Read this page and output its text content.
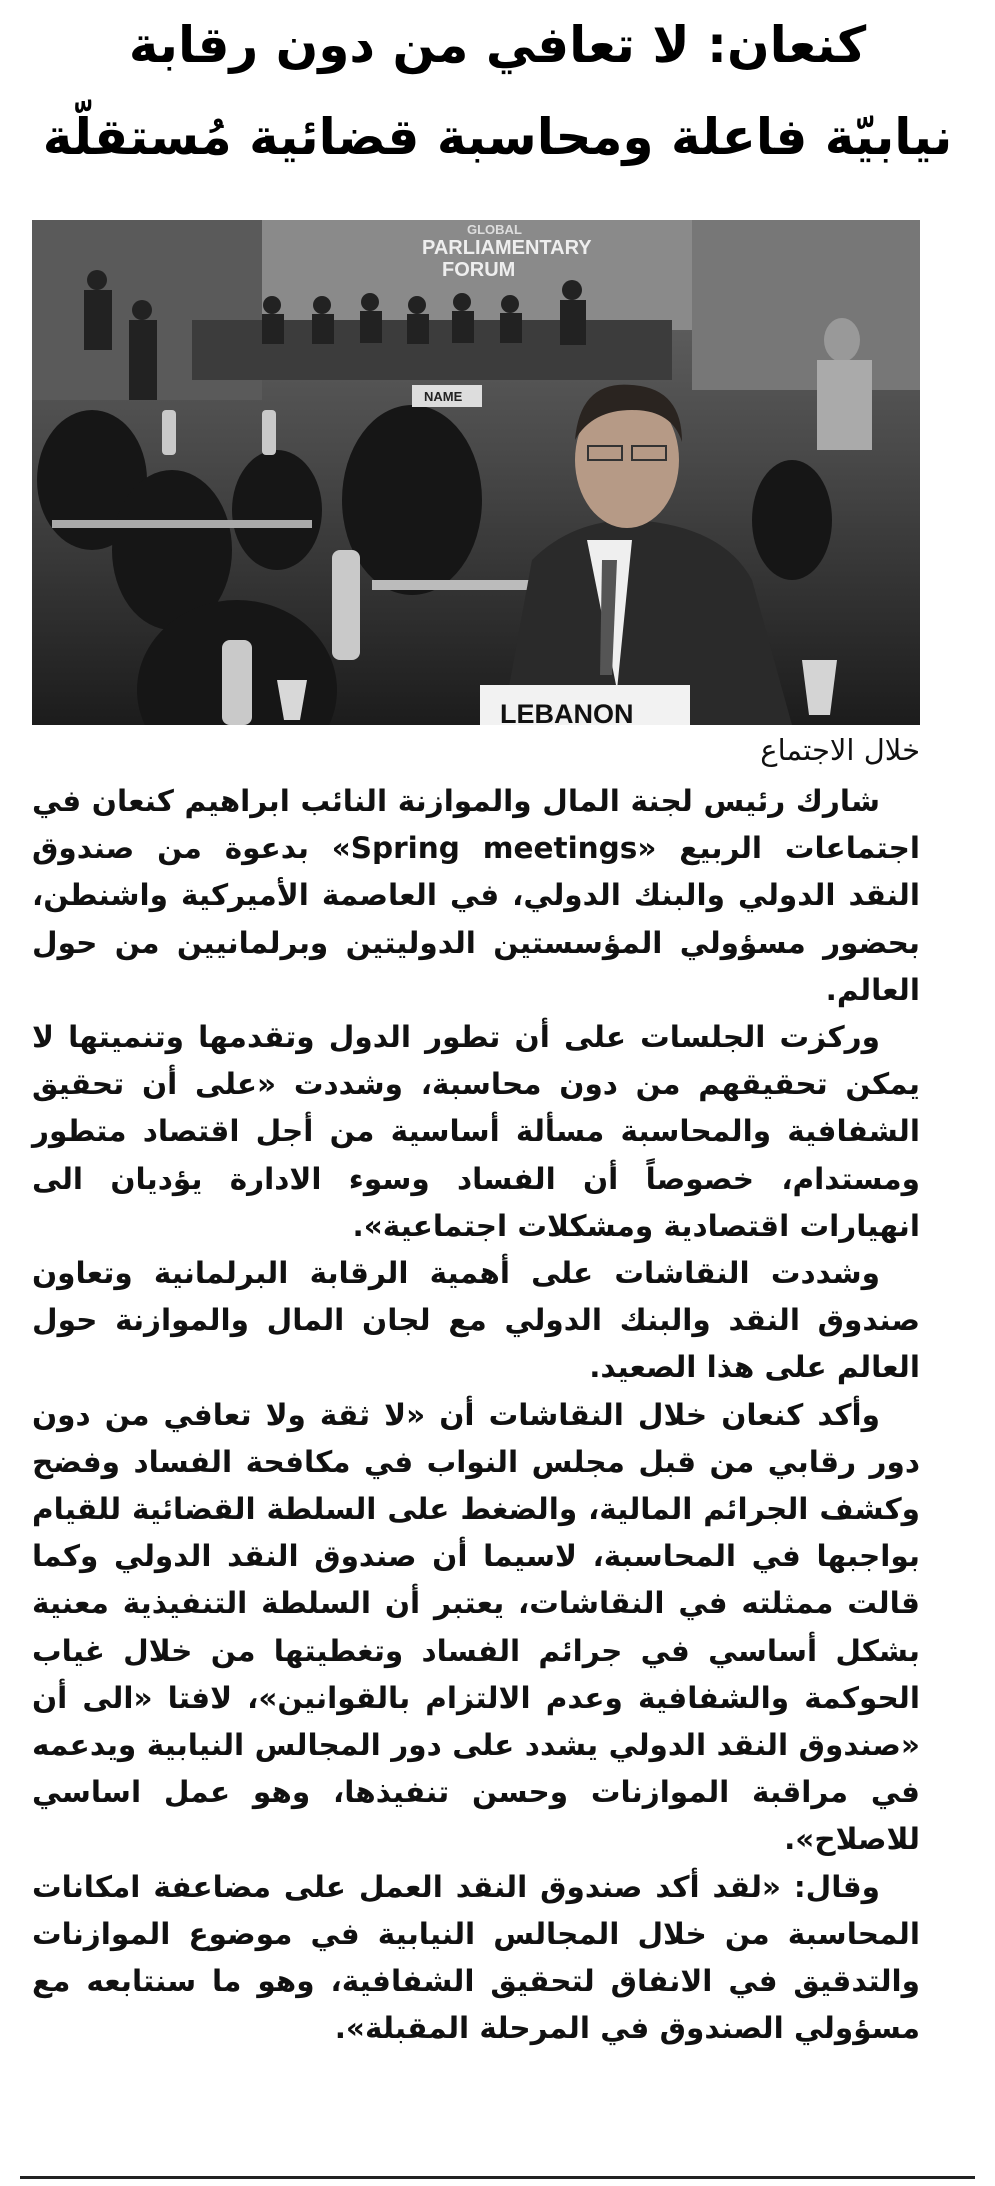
كنعان: لا تعافي من دون رقابة
نيابيّة فاعلة ومحاسبة قضائية مُستقلّة
GLOBAL
PARLIAMENTARY
FORUM
NAME
LEBANON
خلال الاجتماع

شارك رئيس لجنة المال والموازنة النائب ابراهيم كنعان في اجتماعات الربيع «Spring meetings» بدعوة من صندوق النقد الدولي والبنك الدولي، في العاصمة الأميركية واشنطن، بحضور مسؤولي المؤسستين الدوليتين وبرلمانيين من حول العالم.

وركزت الجلسات على أن تطور الدول وتقدمها وتنميتها لا يمكن تحقيقهم من دون محاسبة، وشددت «على أن تحقيق الشفافية والمحاسبة مسألة أساسية من أجل اقتصاد متطور ومستدام، خصوصاً أن الفساد وسوء الادارة يؤديان الى انهيارات اقتصادية ومشكلات اجتماعية».

وشددت النقاشات على أهمية الرقابة البرلمانية وتعاون صندوق النقد والبنك الدولي مع لجان المال والموازنة حول العالم على هذا الصعيد.

وأكد كنعان خلال النقاشات أن «لا ثقة ولا تعافي من دون دور رقابي من قبل مجلس النواب في مكافحة الفساد وفضح وكشف الجرائم المالية، والضغط على السلطة القضائية للقيام بواجبها في المحاسبة، لاسيما أن صندوق النقد الدولي وكما قالت ممثلته في النقاشات، يعتبر أن السلطة التنفيذية معنية بشكل أساسي في جرائم الفساد وتغطيتها من خلال غياب الحوكمة والشفافية وعدم الالتزام بالقوانين»، لافتا «الى أن «صندوق النقد الدولي يشدد على دور المجالس النيابية ويدعمه في مراقبة الموازنات وحسن تنفيذها، وهو عمل اساسي للاصلاح».

وقال: «لقد أكد صندوق النقد العمل على مضاعفة امكانات المحاسبة من خلال المجالس النيابية في موضوع الموازنات والتدقيق في الانفاق لتحقيق الشفافية، وهو ما سنتابعه مع مسؤولي الصندوق في المرحلة المقبلة».
